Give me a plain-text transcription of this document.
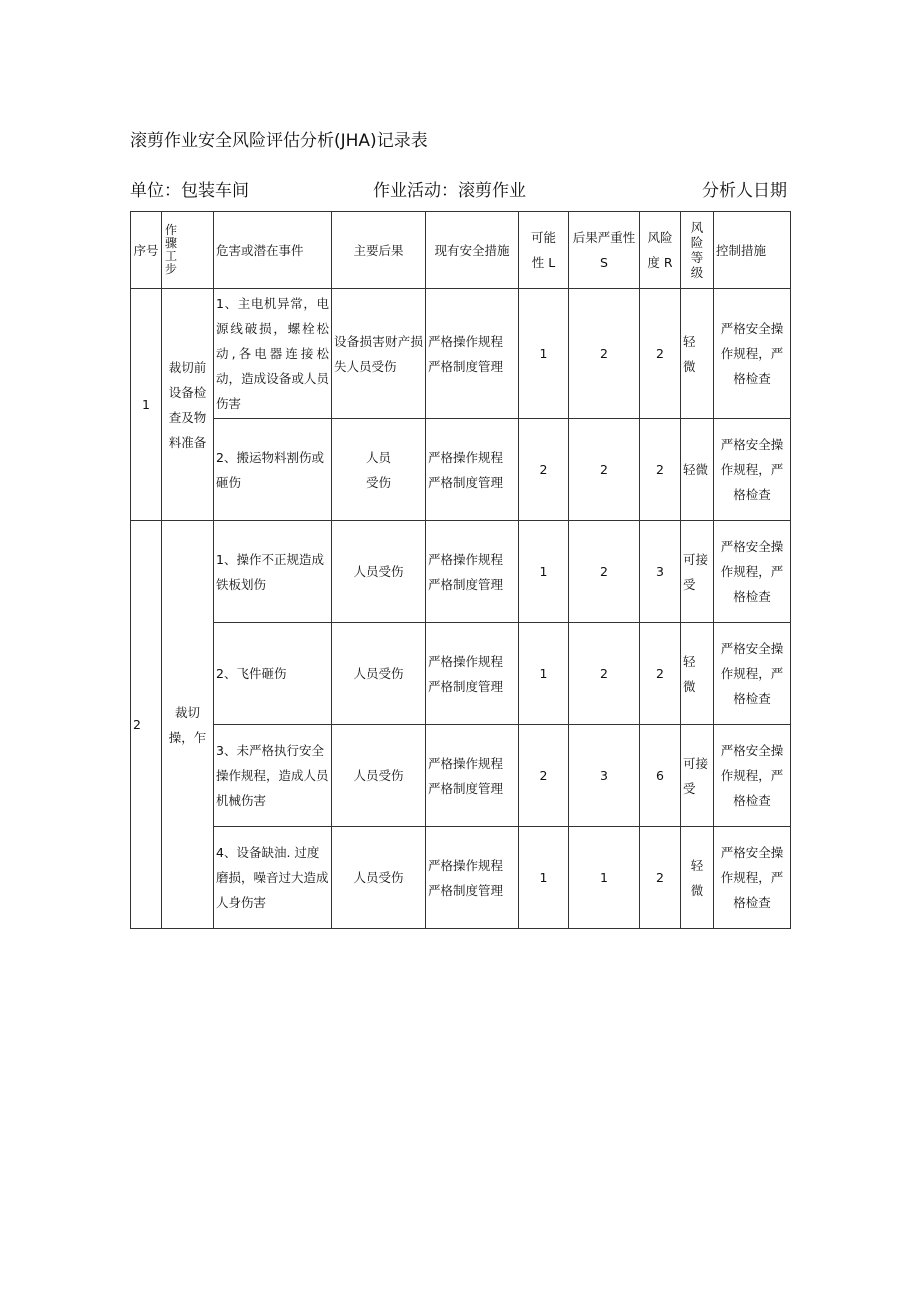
滚剪作业安全风险评估分析(JHA)记录表
单位：包装车间	作业活动：滚剪作业	分析人日期
序号	作
骤
工
步	危害或潜在事件	主要后果	现有安全措施	可能
性 L	后果严重性
S	风险
度 R	风
险
等
级	控制措施
1	裁切前
设备检
查及物
料准备	1、主电机异常，电源线破损，螺栓松动,各电器连接松动，造成设备或人员伤害	设备损害财产损失人员受伤	严格操作规程
严格制度管理	1	2	2	轻
微	严格安全操作规程，严格检查
		2、搬运物料割伤或砸伤	人员
受伤	严格操作规程
严格制度管理	2	2	2	轻微	严格安全操作规程，严格检查
2	裁切
操，乍	1、操作不正规造成铁板划伤	人员受伤	严格操作规程
严格制度管理	1	2	3	可接
受	严格安全操作规程，严格检查
		2、飞件砸伤	人员受伤	严格操作规程
严格制度管理	1	2	2	轻
微	严格安全操作规程，严格检查
		3、未严格执行安全操作规程，造成人员机械伤害	人员受伤	严格操作规程
严格制度管理	2	3	6	可接
受	严格安全操作规程，严格检查
		4、设备缺油. 过度磨损，噪音过大造成人身伤害	人员受伤	严格操作规程
严格制度管理	1	1	2	轻
微	严格安全操作规程，严格检查
